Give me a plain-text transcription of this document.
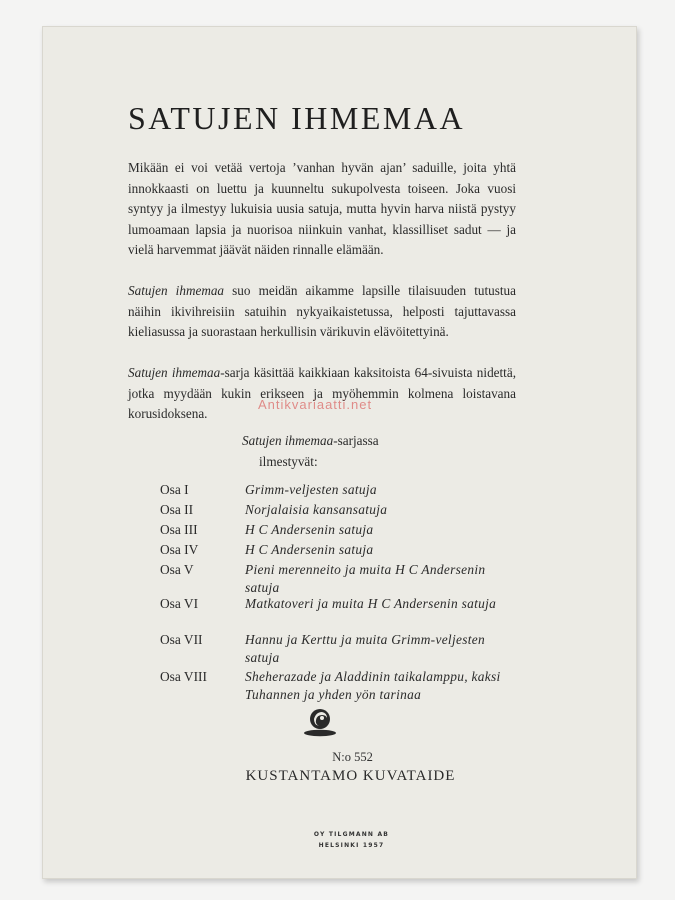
SATUJEN IHMEMAA

Mikään ei voi vetää vertoja ’vanhan hyvän ajan’ saduille, joita yhtä innokkaasti on luettu ja kuunneltu sukupolvesta toiseen. Joka vuosi syntyy ja ilmestyy lukuisia uusia satuja, mutta hyvin harva niistä pystyy lumoamaan lapsia ja nuorisoa niinkuin vanhat, klassilliset sadut — ja vielä harvemmat jäävät näiden rinnalle elämään.

Satujen ihmemaa suo meidän aikamme lapsille tilaisuuden tutustua näihin ikivihreisiin satuihin nykyaikaistetussa, helposti tajuttavassa kieliasussa ja suorastaan herkullisin värikuvin elävöitettyinä.

Satujen ihmemaa-sarja käsittää kaikkiaan kaksitoista 64-sivuista nidettä, jotka myydään kukin erikseen ja myöhemmin kolmena loistavana korusidoksena.

Antikvariaatti.net
Satujen ihmemaa-sarjassa
ilmestyvät:
Osa I	Grimm-veljesten satuja
Osa II	Norjalaisia kansansatuja
Osa III	H C Andersenin satuja
Osa IV	H C Andersenin satuja
Osa V	Pieni merenneito ja muita H C Andersenin satuja
Osa VI	Matkatoveri ja muita H C Andersenin satuja
Osa VII	Hannu ja Kerttu ja muita Grimm-veljesten satuja
Osa VIII	Sheherazade ja Aladdinin taikalamppu, kaksi Tuhannen ja yhden yön tarinaa
N:o 552
KUSTANTAMO KUVATAIDE
OY TILGMANN AB
HELSINKI 1957
